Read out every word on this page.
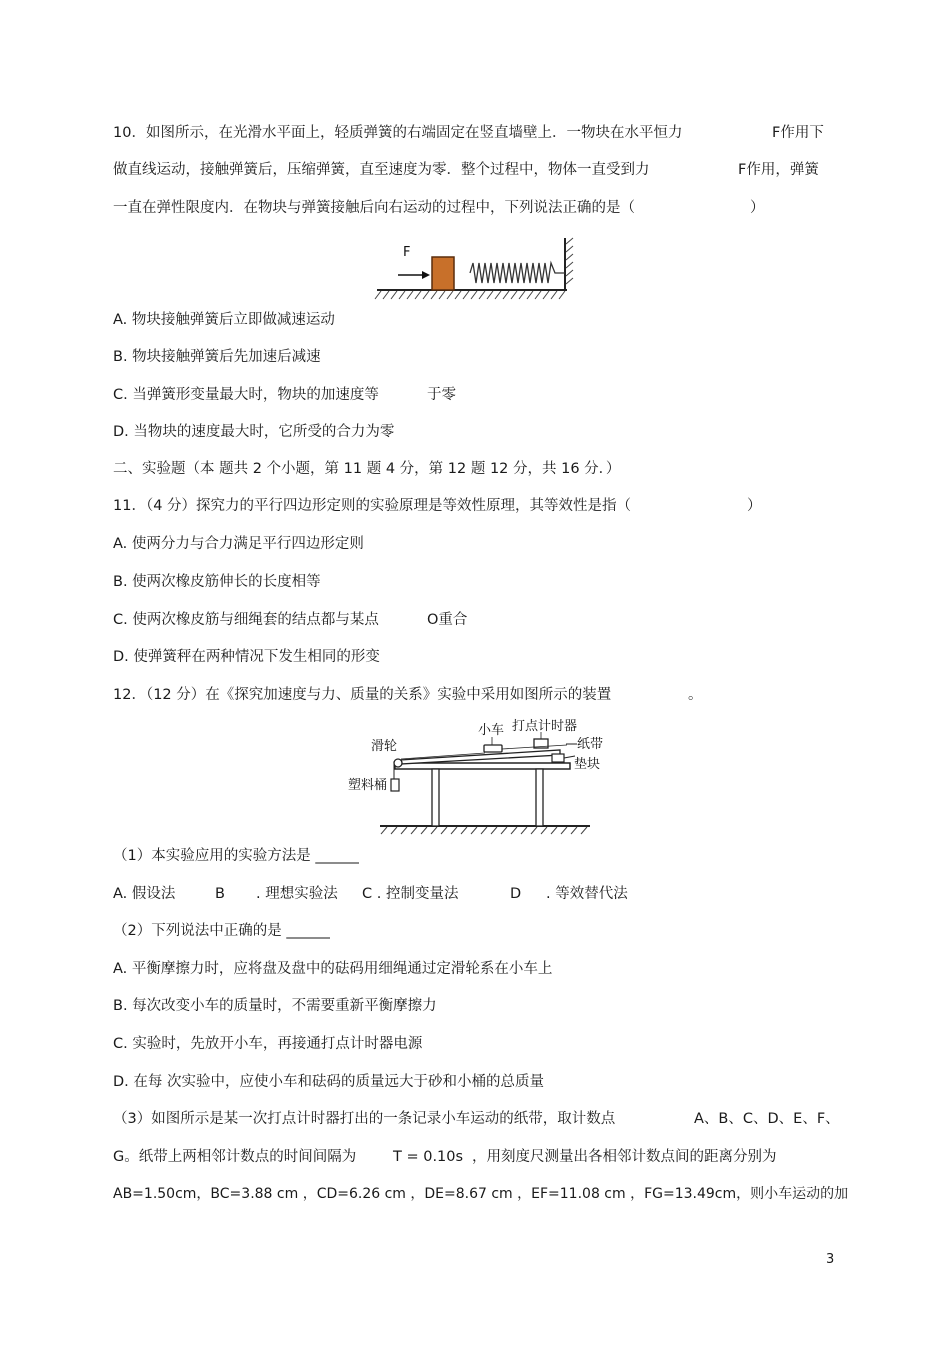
10．如图所示，在光滑水平面上，轻质弹簧的右端固定在竖直墙壁上．一物块在水平恒力	F作用下
做直线运动，接触弹簧后，压缩弹簧，直至速度为零．整个过程中，物体一直受到力	F作用，弹簧
一直在弹性限度内．在物块与弹簧接触后向右运动的过程中，下列说法正确的是（	）
F
A. 物块接触弹簧后立即做减速运动
B. 物块接触弹簧后先加速后减速
C. 当弹簧形变量最大时，物块的加速度等	于零
D. 当物块的速度最大时，它所受的合力为零
二、实验题（本 题共 2 个小题，第 11 题 4 分，第 12 题 12 分，共 16 分．）
11．（4 分）探究力的平行四边形定则的实验原理是等效性原理，其等效性是指（	）
A. 使两分力与合力满足平行四边形定则
B. 使两次橡皮筋伸长的长度相等
C. 使两次橡皮筋与细绳套的结点都与某点	O重合
D. 使弹簧秤在两种情况下发生相同的形变
12．（12 分）在《探究加速度与力、质量的关系》实验中采用如图所示的装置	。
滑轮
小车 打点计时器
纸带
垫块
塑料桶
（1）本实验应用的实验方法是 ______
A. 假设法	B . 理想实验法 C . 控制变量法	D . 等效替代法
（2）下列说法中正确的是 ______
A. 平衡摩擦力时，应将盘及盘中的砝码用细绳通过定滑轮系在小车上
B. 每次改变小车的质量时，不需要重新平衡摩擦力
C. 实验时，先放开小车，再接通打点计时器电源
D. 在每 次实验中，应使小车和砝码的质量远大于砂和小桶的总质量
（3）如图所示是某一次打点计时器打出的一条记录小车运动的纸带，取计数点	A、B、C、D、E、F、
G。纸带上两相邻计数点的时间间隔为	T = 0.10s ，用刻度尺测量出各相邻计数点间的距离分别为
AB=1.50cm，BC=3.88 cm ，CD=6.26 cm ，DE=8.67 cm ，EF=11.08 cm ，FG=13.49cm，则小车运动的加
3
